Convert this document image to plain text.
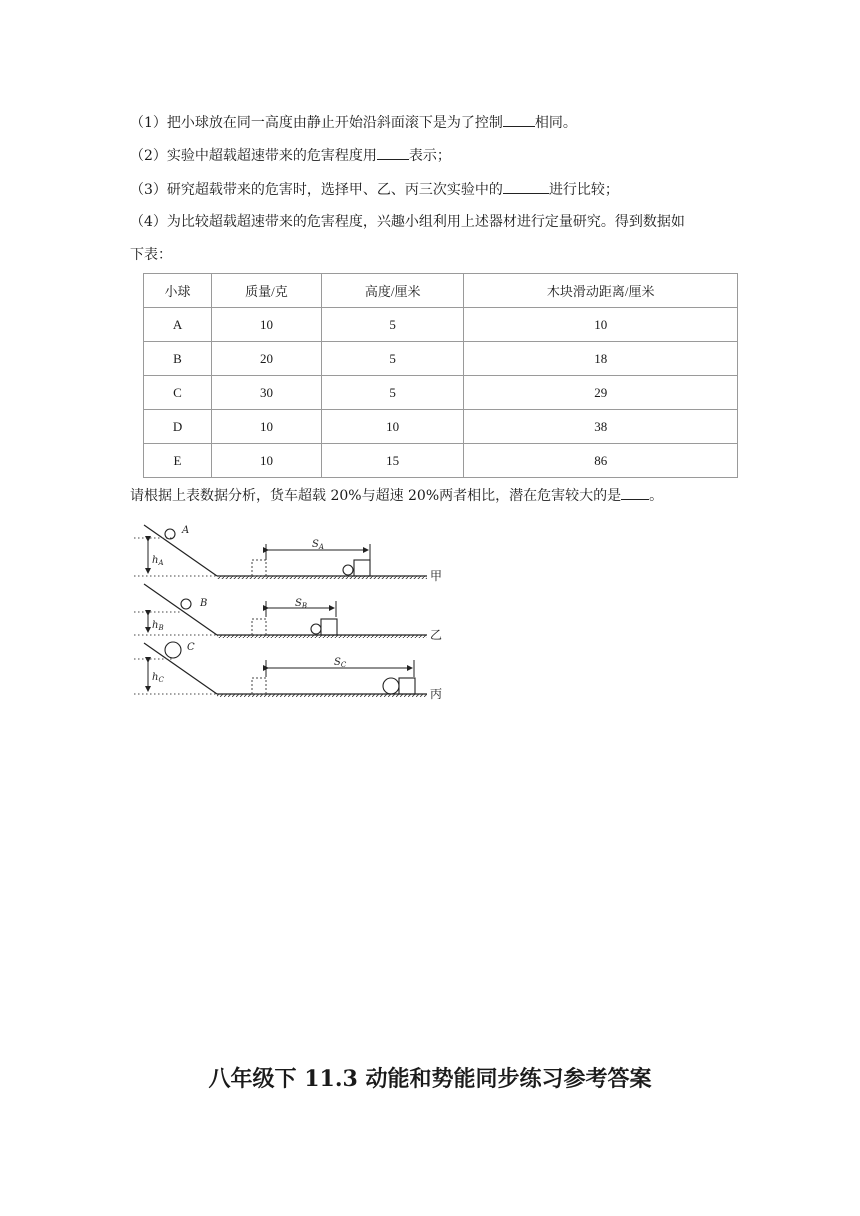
（1）把小球放在同一高度由静止开始沿斜面滚下是为了控制 相同。
（2）实验中超载超速带来的危害程度用 表示；
（3）研究超载带来的危害时，选择甲、乙、丙三次实验中的	进行比较；
（4）为比较超载超速带来的危害程度，兴趣小组利用上述器材进行定量研究。得到数据如
下表：
小球	质量/克	高度/厘米	木块滑动距离/厘米
A	10	5	10
B	20	5	18
C	30	5	29
D	10	10	38
E	10	15	86
请根据上表数据分析，货车超载 20%与超速 20%两者相比，潜在危害较大的是 。
$h_A$
A
$S_A$
甲
$h_B$
B	$S_B$
乙
$h_C$
C
$S_C$
丙
八年级下 11.3 动能和势能同步练习参考答案
